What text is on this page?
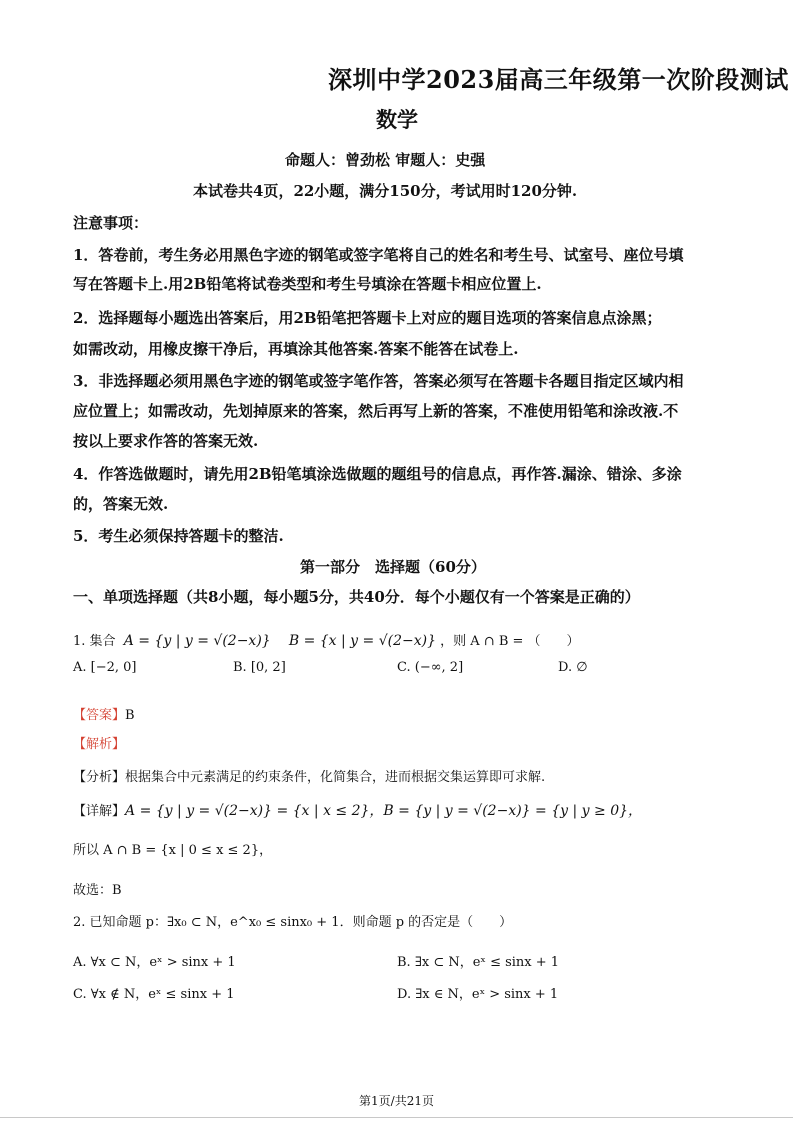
深圳中学2023届高三年级第一次阶段测试
数学
命题人：曾劲松 审题人：史强
本试卷共4页，22小题，满分150分，考试用时120分钟.
注意事项：
1．答卷前，考生务必用黑色字迹的钢笔或签字笔将自己的姓名和考生号、试室号、座位号填
写在答题卡上.用2B铅笔将试卷类型和考生号填涂在答题卡相应位置上.
2．选择题每小题选出答案后，用2B铅笔把答题卡上对应的题目选项的答案信息点涂黑；
如需改动，用橡皮擦干净后，再填涂其他答案.答案不能答在试卷上.
3．非选择题必须用黑色字迹的钢笔或签字笔作答，答案必须写在答题卡各题目指定区域内相
应位置上；如需改动，先划掉原来的答案，然后再写上新的答案，不准使用铅笔和涂改液.不
按以上要求作答的答案无效.
4．作答选做题时，请先用2B铅笔填涂选做题的题组号的信息点，再作答.漏涂、错涂、多涂
的，答案无效.
5．考生必须保持答题卡的整洁.
第一部分　选择题（60分）
一、单项选择题（共8小题，每小题5分，共40分．每个小题仅有一个答案是正确的）
1. 集合 A = {y | y = √(2−x)} B = {x | y = √(2−x)} ，则 A ∩ B = （　　）
A. [−2, 0]	B. [0, 2]	C. (−∞, 2]	D. ∅
【答案】B
【解析】
【分析】根据集合中元素满足的约束条件，化简集合，进而根据交集运算即可求解.
【详解】A = {y | y = √(2−x)} = {x | x ≤ 2}，B = {y | y = √(2−x)} = {y | y ≥ 0}，
所以 A ∩ B = {x | 0 ≤ x ≤ 2}，
故选：B
2. 已知命题 p：∃x₀ ⊂ N，e^x₀ ≤ sinx₀ + 1．则命题 p 的否定是（　　）
A. ∀x ⊂ N，eˣ > sinx + 1	B. ∃x ⊂ N，eˣ ≤ sinx + 1
C. ∀x ∉ N，eˣ ≤ sinx + 1	D. ∃x ∈ N，eˣ > sinx + 1
第1页/共21页
